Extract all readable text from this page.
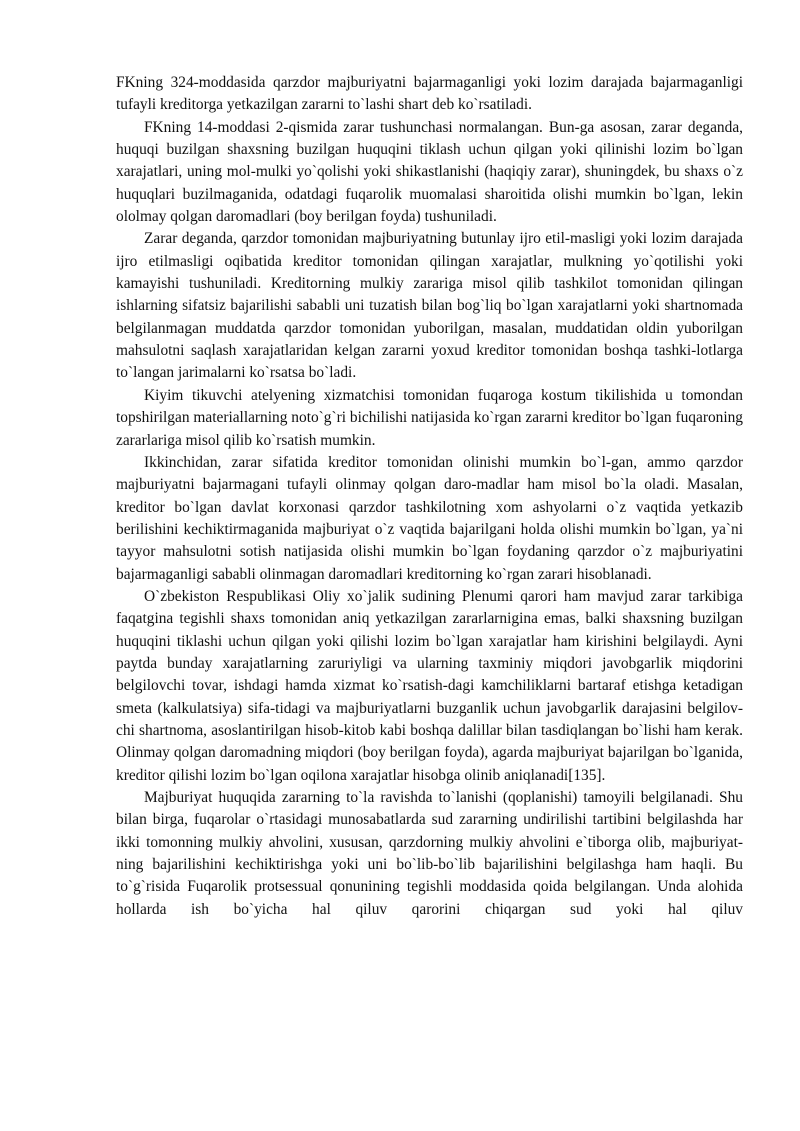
FKning 324-moddasida qarzdor majburiyatni bajarmaganligi yoki lozim darajada bajarmaganligi tufayli kreditorga yetkazilgan zararni to`lashi shart deb ko`rsatiladi.

FKning 14-moddasi 2-qismida zarar tushunchasi normalangan. Bun-ga asosan, zarar deganda, huquqi buzilgan shaxsning buzilgan huquqini tiklash uchun qilgan yoki qilinishi lozim bo`lgan xarajatlari, uning mol-mulki yo`qolishi yoki shikastlanishi (haqiqiy zarar), shuningdek, bu shaxs o`z huquqlari buzilmaganida, odatdagi fuqarolik muomalasi sharoitida olishi mumkin bo`lgan, lekin ololmay qolgan daromadlari (boy berilgan foyda) tushuniladi.

Zarar deganda, qarzdor tomonidan majburiyatning butunlay ijro etil-masligi yoki lozim darajada ijro etilmasligi oqibatida kreditor tomonidan qilingan xarajatlar, mulkning yo`qotilishi yoki kamayishi tushuniladi. Kreditorning mulkiy zarariga misol qilib tashkilot tomonidan qilingan ishlarning sifatsiz bajarilishi sababli uni tuzatish bilan bog`liq bo`lgan xarajatlarni yoki shartnomada belgilanmagan muddatda qarzdor tomonidan yuborilgan, masalan, muddatidan oldin yuborilgan mahsulotni saqlash xarajatlaridan kelgan zararni yoxud kreditor tomonidan boshqa tashki-lotlarga to`langan jarimalarni ko`rsatsa bo`ladi.

Kiyim tikuvchi atelyening xizmatchisi tomonidan fuqaroga kostum tikilishida u tomondan topshirilgan materiallarning noto`g`ri bichilishi natijasida ko`rgan zararni kreditor bo`lgan fuqaroning zararlariga misol qilib ko`rsatish mumkin.

Ikkinchidan, zarar sifatida kreditor tomonidan olinishi mumkin bo`l-gan, ammo qarzdor majburiyatni bajarmagani tufayli olinmay qolgan daro-madlar ham misol bo`la oladi. Masalan, kreditor bo`lgan davlat korxonasi qarzdor tashkilotning xom ashyolarni o`z vaqtida yetkazib berilishini kechiktirmaganida majburiyat o`z vaqtida bajarilgani holda olishi mumkin bo`lgan, ya`ni tayyor mahsulotni sotish natijasida olishi mumkin bo`lgan foydaning qarzdor o`z majburiyatini bajarmaganligi sababli olinmagan daromadlari kreditorning ko`rgan zarari hisoblanadi.

O`zbekiston Respublikasi Oliy xo`jalik sudining Plenumi qarori ham mavjud zarar tarkibiga faqatgina tegishli shaxs tomonidan aniq yetkazilgan zararlarnigina emas, balki shaxsning buzilgan huquqini tiklashi uchun qilgan yoki qilishi lozim bo`lgan xarajatlar ham kirishini belgilaydi. Ayni paytda bunday xarajatlarning zaruriyligi va ularning taxminiy miqdori javobgarlik miqdorini belgilovchi tovar, ishdagi hamda xizmat ko`rsatish-dagi kamchiliklarni bartaraf etishga ketadigan smeta (kalkulatsiya) sifa-tidagi va majburiyatlarni buzganlik uchun javobgarlik darajasini belgilov-chi shartnoma, asoslantirilgan hisob-kitob kabi boshqa dalillar bilan tasdiqlangan bo`lishi ham kerak. Olinmay qolgan daromadning miqdori (boy berilgan foyda), agarda majburiyat bajarilgan bo`lganida, kreditor qilishi lozim bo`lgan oqilona xarajatlar hisobga olinib aniqlanadi[135].

Majburiyat huquqida zararning to`la ravishda to`lanishi (qoplanishi) tamoyili belgilanadi. Shu bilan birga, fuqarolar o`rtasidagi munosabatlarda sud zararning undirilishi tartibini belgilashda har ikki tomonning mulkiy ahvolini, xususan, qarzdorning mulkiy ahvolini e`tiborga olib, majburiyat-ning bajarilishini kechiktirishga yoki uni bo`lib-bo`lib bajarilishini belgilashga ham haqli. Bu to`g`risida Fuqarolik protsessual qonunining tegishli moddasida qoida belgilangan. Unda alohida hollarda ish bo`yicha hal qiluv qarorini chiqargan sud yoki hal qiluv
